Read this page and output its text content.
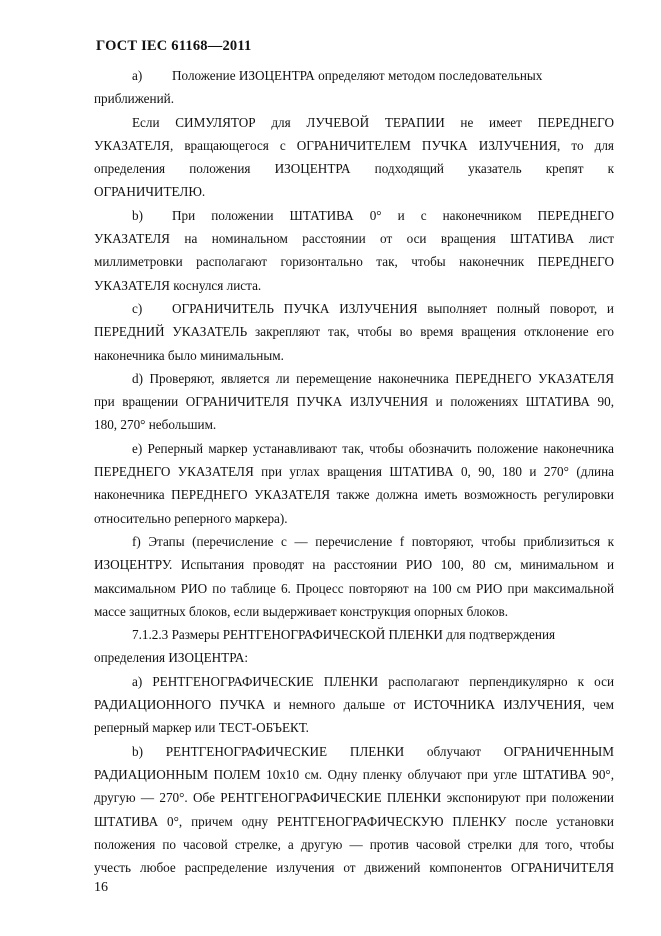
ГОСТ IEC 61168—2011
a) Положение ИЗОЦЕНТРА определяют методом последовательных
приближений.
Если СИМУЛЯТОР для ЛУЧЕВОЙ ТЕРАПИИ не имеет ПЕРЕДНЕГО
УКАЗАТЕЛЯ, вращающегося с ОГРАНИЧИТЕЛЕМ ПУЧКА ИЗЛУЧЕНИЯ, то для
определения положения ИЗОЦЕНТРА подходящий указатель крепят к
ОГРАНИЧИТЕЛЮ.
b) При положении ШТАТИВА 0° и с наконечником ПЕРЕДНЕГО
УКАЗАТЕЛЯ на номинальном расстоянии от оси вращения ШТАТИВА лист
миллиметровки располагают горизонтально так, чтобы наконечник ПЕРЕДНЕГО
УКАЗАТЕЛЯ коснулся листа.
c) ОГРАНИЧИТЕЛЬ ПУЧКА ИЗЛУЧЕНИЯ выполняет полный поворот, и
ПЕРЕДНИЙ УКАЗАТЕЛЬ закрепляют так, чтобы во время вращения отклонение его
наконечника было минимальным.
d) Проверяют, является ли перемещение наконечника ПЕРЕДНЕГО УКАЗАТЕЛЯ
при вращении ОГРАНИЧИТЕЛЯ ПУЧКА ИЗЛУЧЕНИЯ и положениях ШТАТИВА 90,
180, 270° небольшим.
e) Реперный маркер устанавливают так, чтобы обозначить положение наконечника
ПЕРЕДНЕГО УКАЗАТЕЛЯ при углах вращения ШТАТИВА 0, 90, 180 и 270° (длина
наконечника ПЕРЕДНЕГО УКАЗАТЕЛЯ также должна иметь возможность регулировки
относительно реперного маркера).
f) Этапы (перечисление c –– перечисление f повторяют, чтобы приблизиться к
ИЗОЦЕНТРУ. Испытания проводят на расстоянии РИО 100, 80 см, минимальном и
максимальном РИО по таблице 6. Процесс повторяют на 100 см РИО при максимальной
массе защитных блоков, если выдерживает конструкция опорных блоков.
7.1.2.3 Размеры РЕНТГЕНОГРАФИЧЕСКОЙ ПЛЕНКИ для подтверждения
определения ИЗОЦЕНТРА:
a) РЕНТГЕНОГРАФИЧЕСКИЕ ПЛЕНКИ располагают перпендикулярно к оси
РАДИАЦИОННОГО ПУЧКА и немного дальше от ИСТОЧНИКА ИЗЛУЧЕНИЯ, чем
реперный маркер или ТЕСТ-ОБЪЕКТ.
b) РЕНТГЕНОГРАФИЧЕСКИЕ ПЛЕНКИ облучают ОГРАНИЧЕННЫМ
РАДИАЦИОННЫМ ПОЛЕМ 10х10 см. Одну пленку облучают при угле ШТАТИВА 90°,
другую — 270°. Обе РЕНТГЕНОГРАФИЧЕСКИЕ ПЛЕНКИ экспонируют при положении
ШТАТИВА 0°, причем одну РЕНТГЕНОГРАФИЧЕСКУЮ ПЛЕНКУ после установки
положения по часовой стрелке, а другую — против часовой стрелки для того, чтобы
учесть любое распределение излучения от движений компонентов ОГРАНИЧИТЕЛЯ
16
